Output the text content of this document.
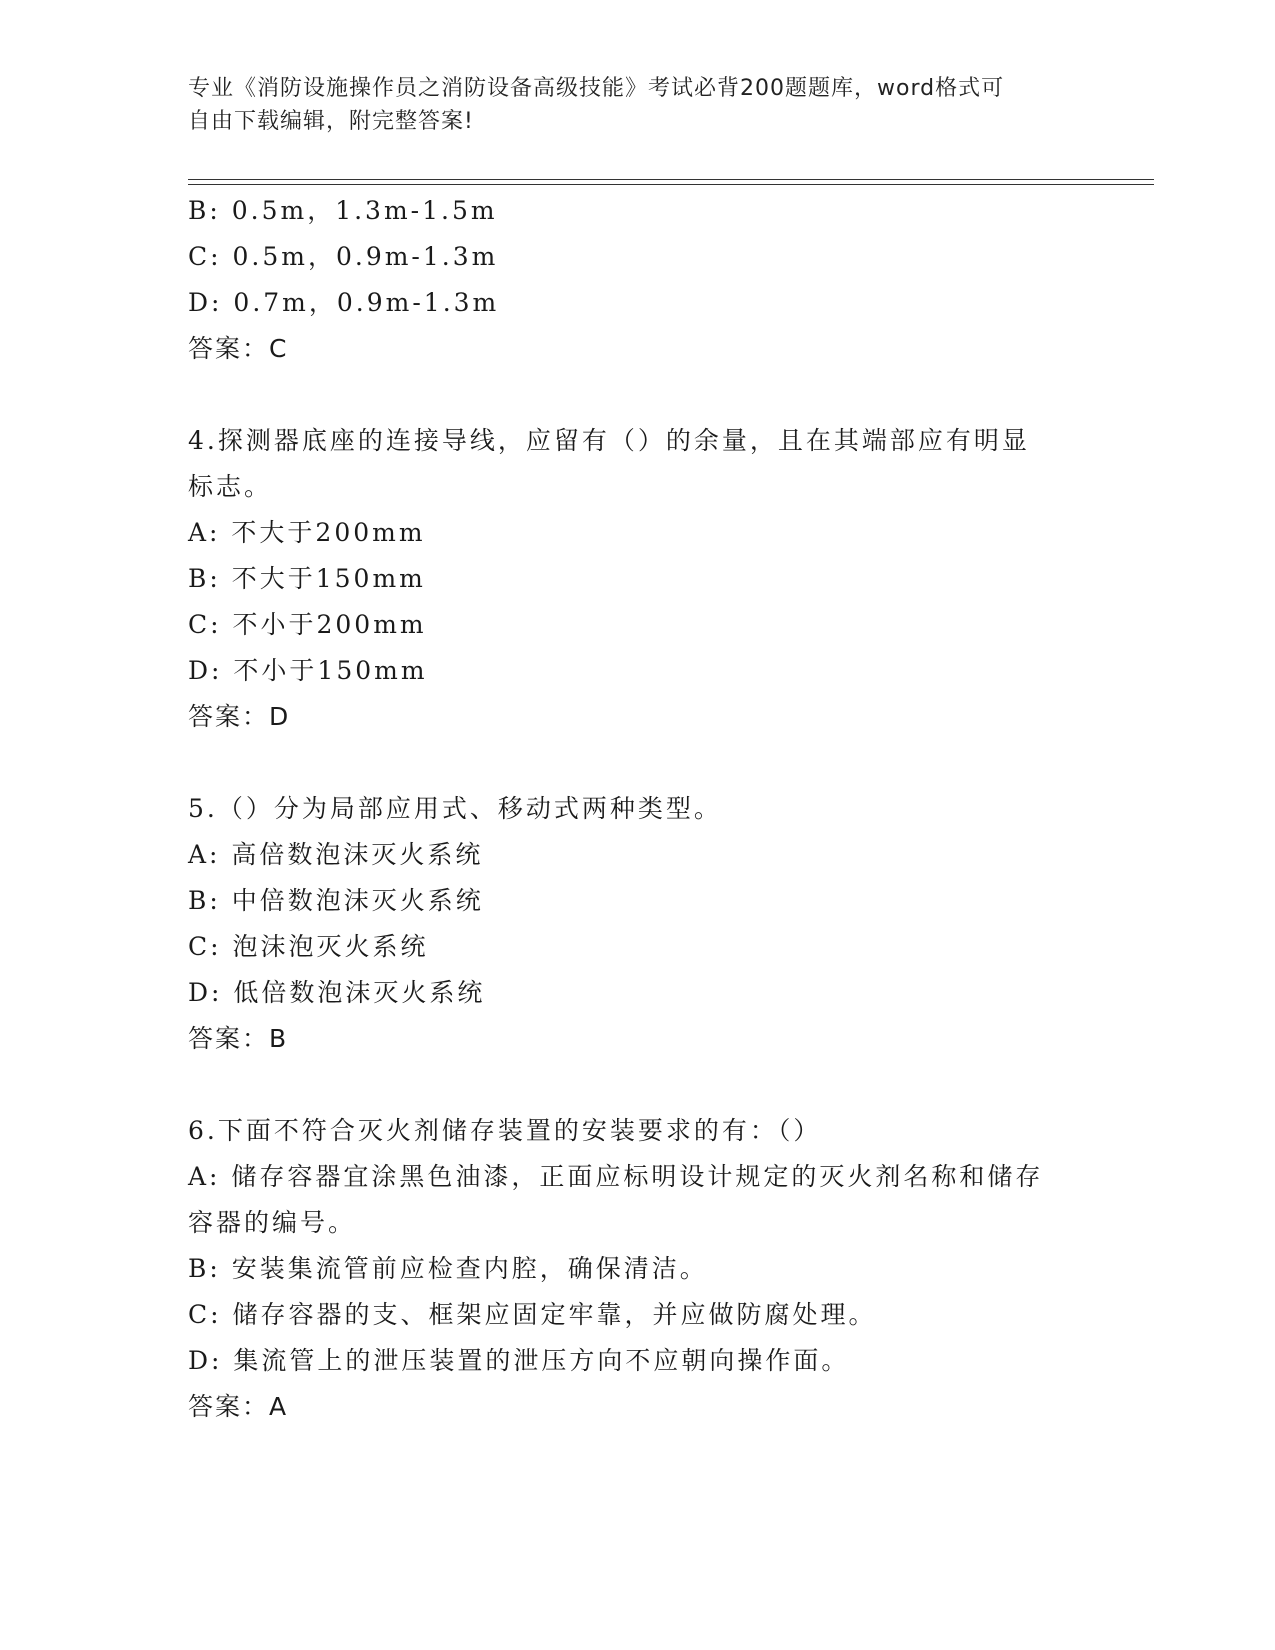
专业《消防设施操作员之消防设备高级技能》考试必背200题题库，word格式可
自由下载编辑，附完整答案!
B: 0.5m，1.3m-1.5m
C: 0.5m，0.9m-1.3m
D: 0.7m，0.9m-1.3m
答案：C
4.探测器底座的连接导线，应留有（）的余量，且在其端部应有明显
标志。
A: 不大于200mm
B: 不大于150mm
C: 不小于200mm
D: 不小于150mm
答案：D
5.（）分为局部应用式、移动式两种类型。
A: 高倍数泡沫灭火系统
B: 中倍数泡沫灭火系统
C: 泡沫泡灭火系统
D: 低倍数泡沫灭火系统
答案：B
6.下面不符合灭火剂储存装置的安装要求的有：（）
A: 储存容器宜涂黑色油漆，正面应标明设计规定的灭火剂名称和储存
容器的编号。
B: 安装集流管前应检查内腔，确保清洁。
C: 储存容器的支、框架应固定牢靠，并应做防腐处理。
D: 集流管上的泄压装置的泄压方向不应朝向操作面。
答案：A
